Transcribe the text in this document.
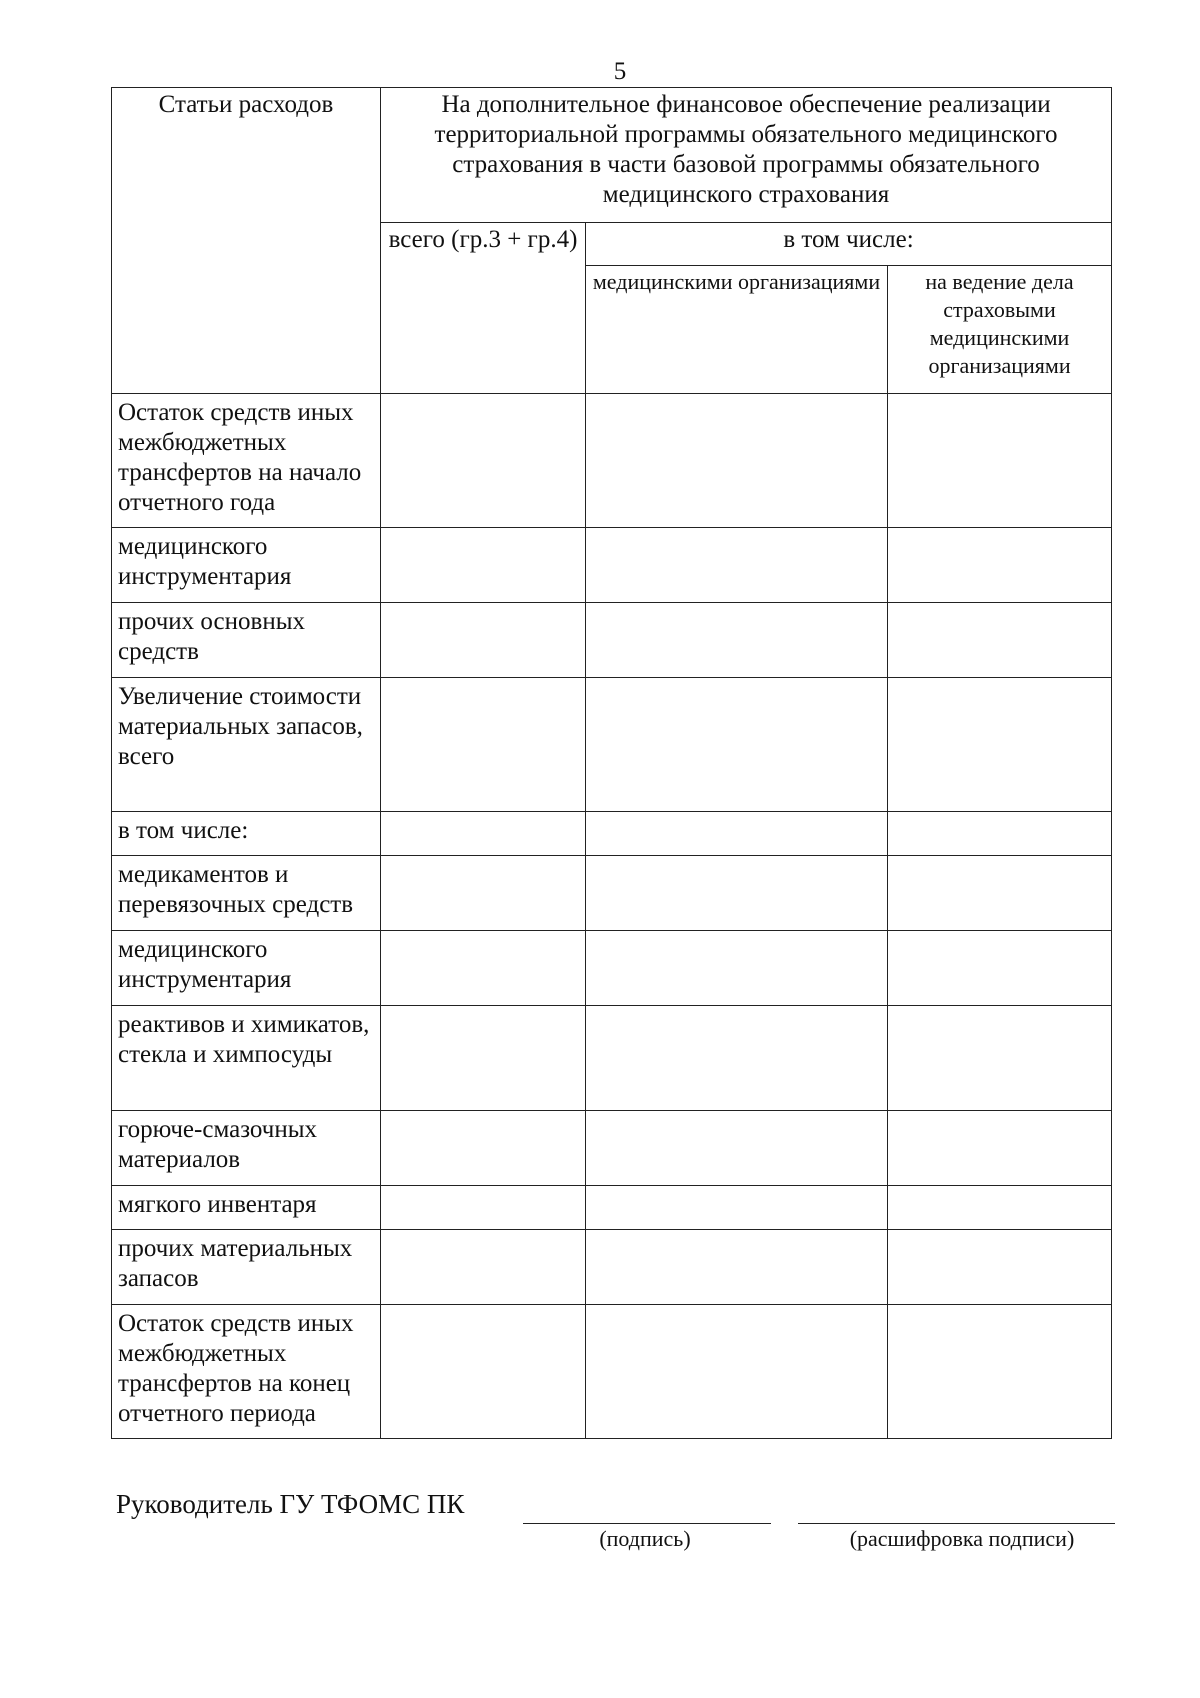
5
Статьи расходов	На дополнительное финансовое обеспечение реализации территориальной программы обязательного медицинского страхования в части базовой программы обязательного медицинского страхования		
	всего (гр.3 + гр.4)	в том числе:	
		медицинскими организациями	на ведение дела страховыми медицинскими организациями
Остаток средств иных межбюджетных трансфертов на начало отчетного года			
медицинского инструментария			
прочих основных средств			
Увеличение стоимости материальных запасов, всего			
в том числе:			
медикаментов и перевязочных средств			
медицинского инструментария			
реактивов и химикатов, стекла и химпосуды			
горюче-смазочных материалов			
мягкого инвентаря			
прочих материальных запасов			
Остаток средств иных межбюджетных трансфертов на конец отчетного периода			
Руководитель ГУ ТФОМС ПК
(подпись)	(расшифровка подписи)
